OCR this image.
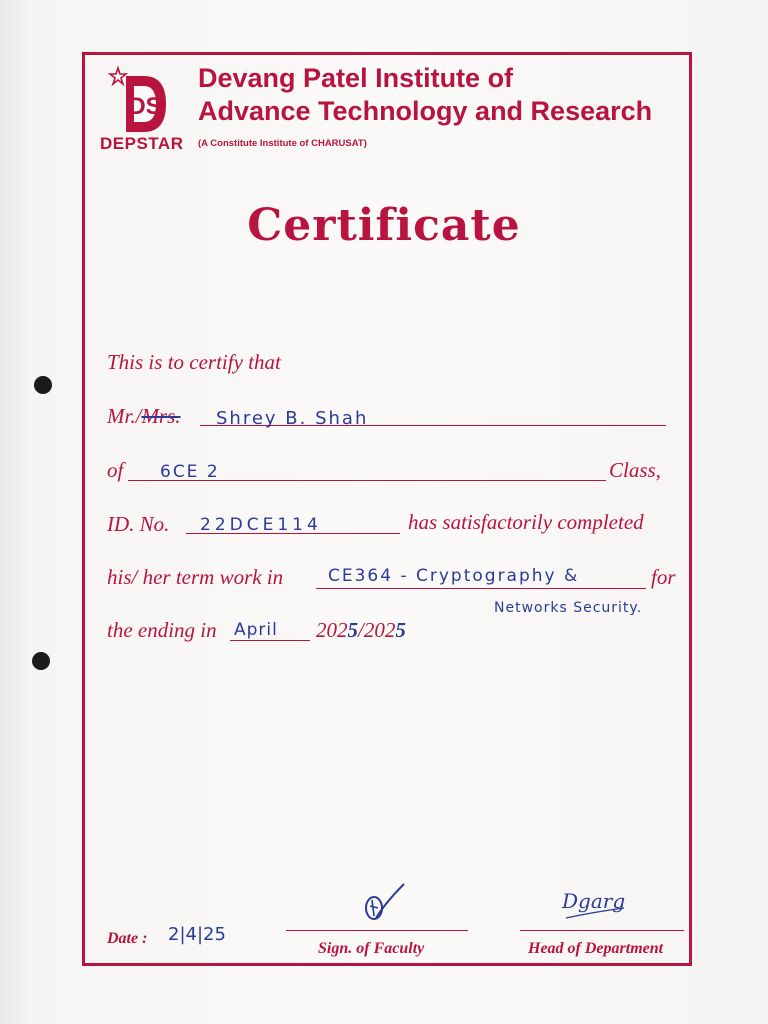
DS
DEPSTAR
Devang Patel Institute of
Advance Technology and Research
(A Constitute Institute of CHARUSAT)
Certificate
This is to certify that
Mr./Mrs. Shrey B. Shah
of 6CE 2	Class,
ID. No. 22DCE114	has satisfactorily completed
his/ her term work in	CE364 - Cryptography &	for
Networks Security.
the ending in April 2025/2025
Dgarg
Date : 2|4|25
Sign. of Faculty	Head of Department
